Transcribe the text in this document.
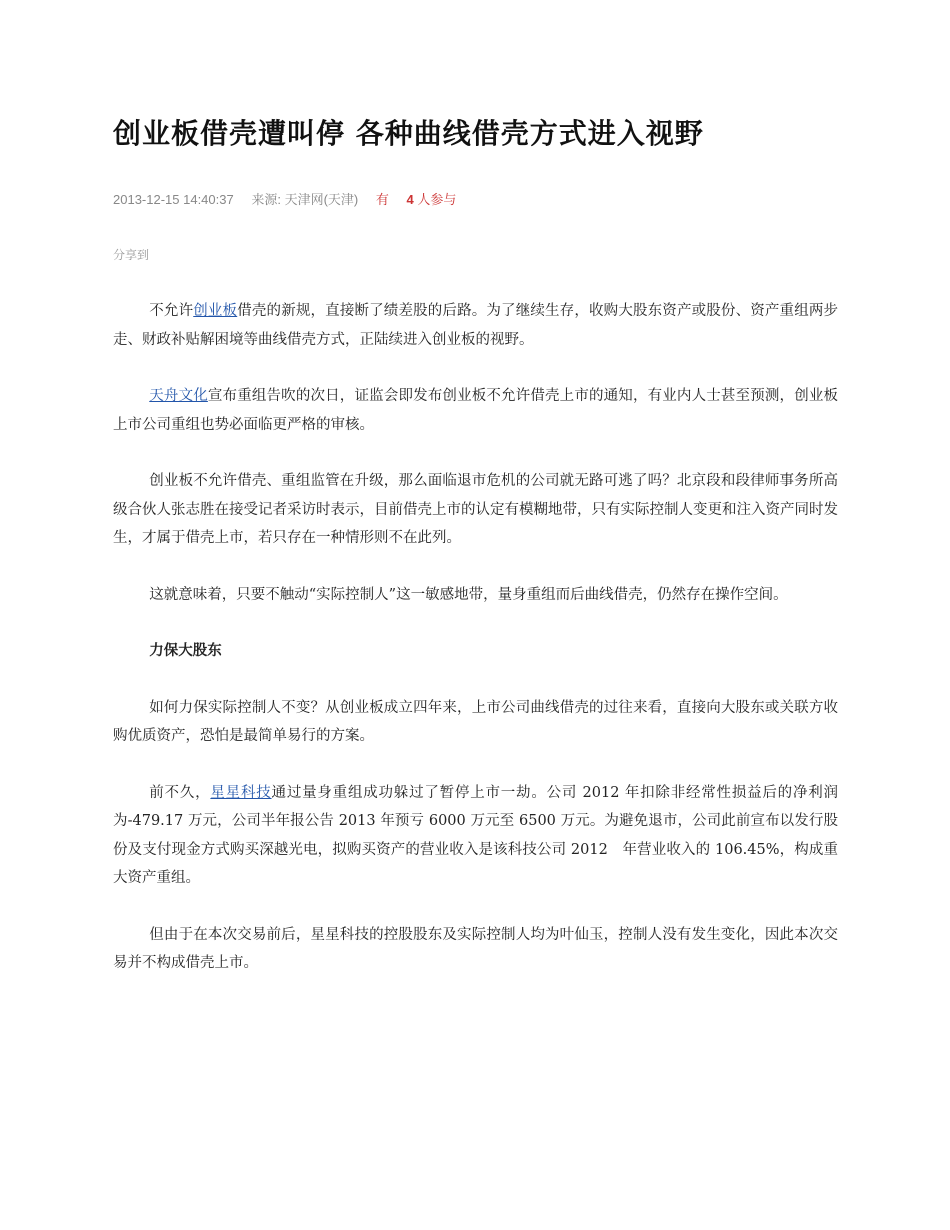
创业板借壳遭叫停 各种曲线借壳方式进入视野
2013-12-15 14:40:37 来源: 天津网(天津) 有 4 人参与
分享到

不允许创业板借壳的新规，直接断了绩差股的后路。为了继续生存，收购大股东资产或股份、资产重组两步走、财政补贴解困境等曲线借壳方式，正陆续进入创业板的视野。

天舟文化宣布重组告吹的次日，证监会即发布创业板不允许借壳上市的通知，有业内人士甚至预测，创业板上市公司重组也势必面临更严格的审核。

创业板不允许借壳、重组监管在升级，那么面临退市危机的公司就无路可逃了吗？北京段和段律师事务所高级合伙人张志胜在接受记者采访时表示，目前借壳上市的认定有模糊地带，只有实际控制人变更和注入资产同时发生，才属于借壳上市，若只存在一种情形则不在此列。

这就意味着，只要不触动“实际控制人”这一敏感地带，量身重组而后曲线借壳，仍然存在操作空间。

力保大股东

如何力保实际控制人不变？从创业板成立四年来，上市公司曲线借壳的过往来看，直接向大股东或关联方收购优质资产，恐怕是最简单易行的方案。

前不久，星星科技通过量身重组成功躲过了暂停上市一劫。公司 2012 年扣除非经常性损益后的净利润为-479.17 万元，公司半年报公告 2013 年预亏 6000 万元至 6500 万元。为避免退市，公司此前宣布以发行股份及支付现金方式购买深越光电，拟购买资产的营业收入是该科技公司 2012　年营业收入的 106.45%，构成重大资产重组。

但由于在本次交易前后，星星科技的控股股东及实际控制人均为叶仙玉，控制人没有发生变化，因此本次交易并不构成借壳上市。
